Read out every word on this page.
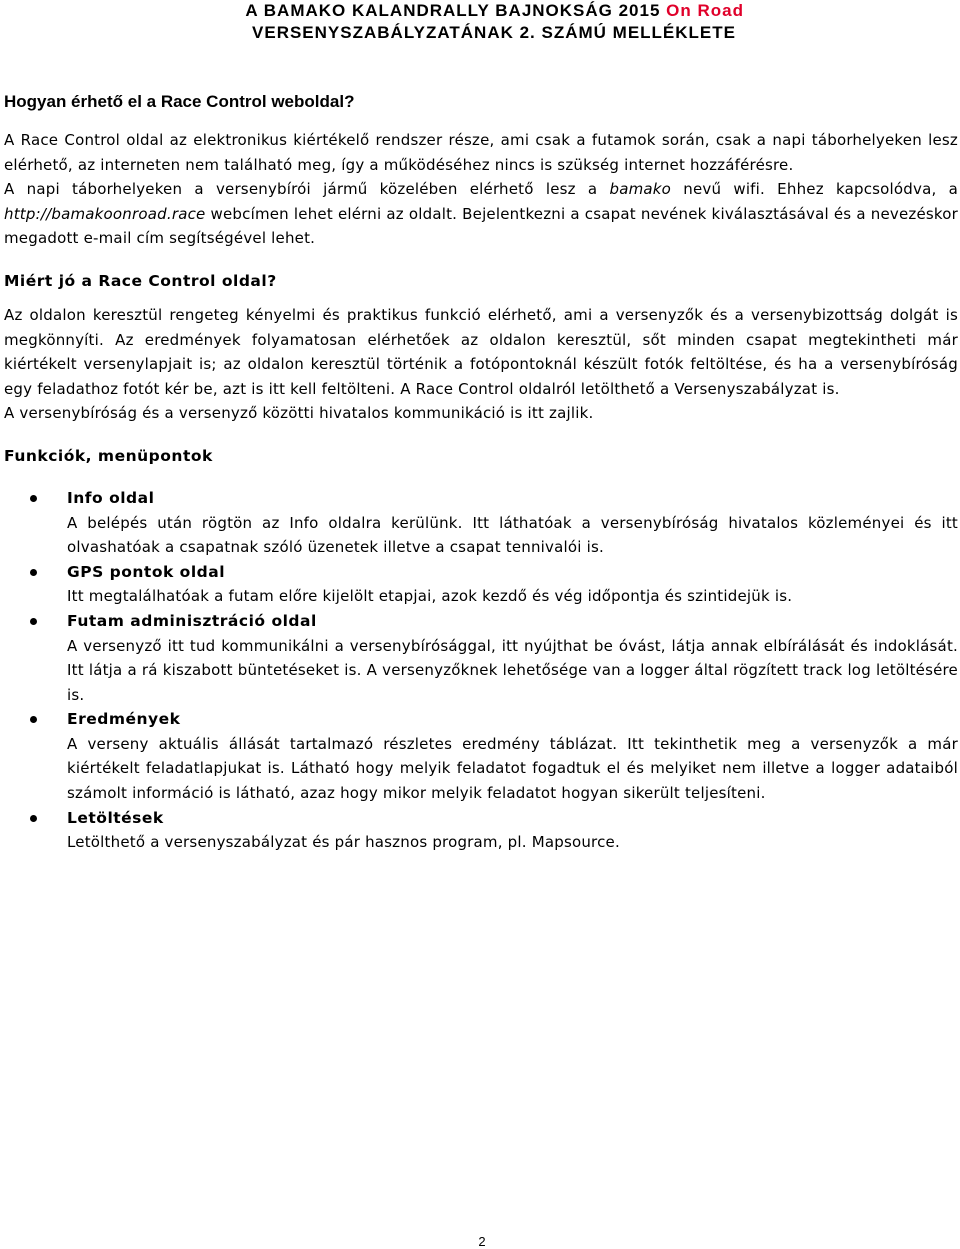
A BAMAKO KALANDRALLY BAJNOKSÁG 2015 On Road
VERSENYSZABÁLYZATÁNAK 2. SZÁMÚ MELLÉKLETE
Hogyan érhető el a Race Control weboldal?

A Race Control oldal az elektronikus kiértékelő rendszer része, ami csak a futamok során, csak a napi táborhelyeken lesz elérhető, az interneten nem található meg, így a működéséhez nincs is szükség internet hozzáférésre.

A napi táborhelyeken a versenybírói jármű közelében elérhető lesz a bamako nevű wifi. Ehhez kapcsolódva, a http://bamakoonroad.race webcímen lehet elérni az oldalt. Bejelentkezni a csapat nevének kiválasztásával és a nevezéskor megadott e-mail cím segítségével lehet.

Miért jó a Race Control oldal?

Az oldalon keresztül rengeteg kényelmi és praktikus funkció elérhető, ami a versenyzők és a versenybizottság dolgát is megkönnyíti. Az eredmények folyamatosan elérhetőek az oldalon keresztül, sőt minden csapat megtekintheti már kiértékelt versenylapjait is; az oldalon keresztül történik a fotópontoknál készült fotók feltöltése, és ha a versenybíróság egy feladathoz fotót kér be, azt is itt kell feltölteni. A Race Control oldalról letölthető a Versenyszabályzat is.

A versenybíróság és a versenyző közötti hivatalos kommunikáció is itt zajlik.

Funkciók, menüpontok
Info oldal
A belépés után rögtön az Info oldalra kerülünk. Itt láthatóak a versenybíróság hivatalos közleményei és itt olvashatóak a csapatnak szóló üzenetek illetve a csapat tennivalói is.
GPS pontok oldal
Itt megtalálhatóak a futam előre kijelölt etapjai, azok kezdő és vég időpontja és szintidejük is.
Futam adminisztráció oldal
A versenyző itt tud kommunikálni a versenybírósággal, itt nyújthat be óvást, látja annak elbírálását és indoklását. Itt látja a rá kiszabott büntetéseket is. A versenyzőknek lehetősége van a logger által rögzített track log letöltésére is.
Eredmények
A verseny aktuális állását tartalmazó részletes eredmény táblázat. Itt tekinthetik meg a versenyzők a már kiértékelt feladatlapjukat is. Látható hogy melyik feladatot fogadtuk el és melyiket nem illetve a logger adataiból számolt információ is látható, azaz hogy mikor melyik feladatot hogyan sikerült teljesíteni.
Letöltések
Letölthető a versenyszabályzat és pár hasznos program, pl. Mapsource.
2
